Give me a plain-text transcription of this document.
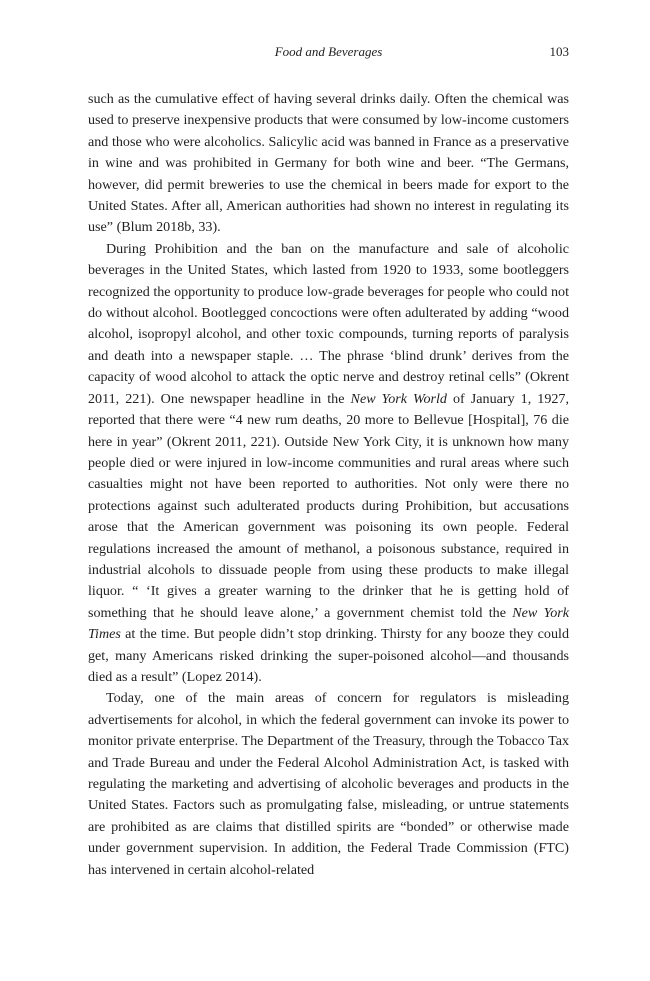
Food and Beverages	103

such as the cumulative effect of having several drinks daily. Often the chemical was used to preserve inexpensive products that were consumed by low-income customers and those who were alcoholics. Salicylic acid was banned in France as a preservative in wine and was prohibited in Germany for both wine and beer. “The Germans, however, did permit breweries to use the chemical in beers made for export to the United States. After all, American authorities had shown no interest in regulating its use” (Blum 2018b, 33).

During Prohibition and the ban on the manufacture and sale of alcoholic beverages in the United States, which lasted from 1920 to 1933, some bootleggers recognized the opportunity to produce low-grade beverages for people who could not do without alcohol. Bootlegged concoctions were often adulterated by adding “wood alcohol, isopropyl alcohol, and other toxic compounds, turning reports of paralysis and death into a newspaper staple. … The phrase ‘blind drunk’ derives from the capacity of wood alcohol to attack the optic nerve and destroy retinal cells” (Okrent 2011, 221). One newspaper headline in the New York World of January 1, 1927, reported that there were “4 new rum deaths, 20 more to Bellevue [Hospital], 76 die here in year” (Okrent 2011, 221). Outside New York City, it is unknown how many people died or were injured in low-income communities and rural areas where such casualties might not have been reported to authorities. Not only were there no protections against such adulterated products during Prohibition, but accusations arose that the American government was poisoning its own people. Federal regulations increased the amount of methanol, a poisonous substance, required in industrial alcohols to dissuade people from using these products to make illegal liquor. “ ‘It gives a greater warning to the drinker that he is getting hold of something that he should leave alone,’ a government chemist told the New York Times at the time. But people didn’t stop drinking. Thirsty for any booze they could get, many Americans risked drinking the super-poisoned alcohol—and thousands died as a result” (Lopez 2014).

Today, one of the main areas of concern for regulators is misleading advertisements for alcohol, in which the federal government can invoke its power to monitor private enterprise. The Department of the Treasury, through the Tobacco Tax and Trade Bureau and under the Federal Alcohol Administration Act, is tasked with regulating the marketing and advertising of alcoholic beverages and products in the United States. Factors such as promulgating false, misleading, or untrue statements are prohibited as are claims that distilled spirits are “bonded” or otherwise made under government supervision. In addition, the Federal Trade Commission (FTC) has intervened in certain alcohol-related
